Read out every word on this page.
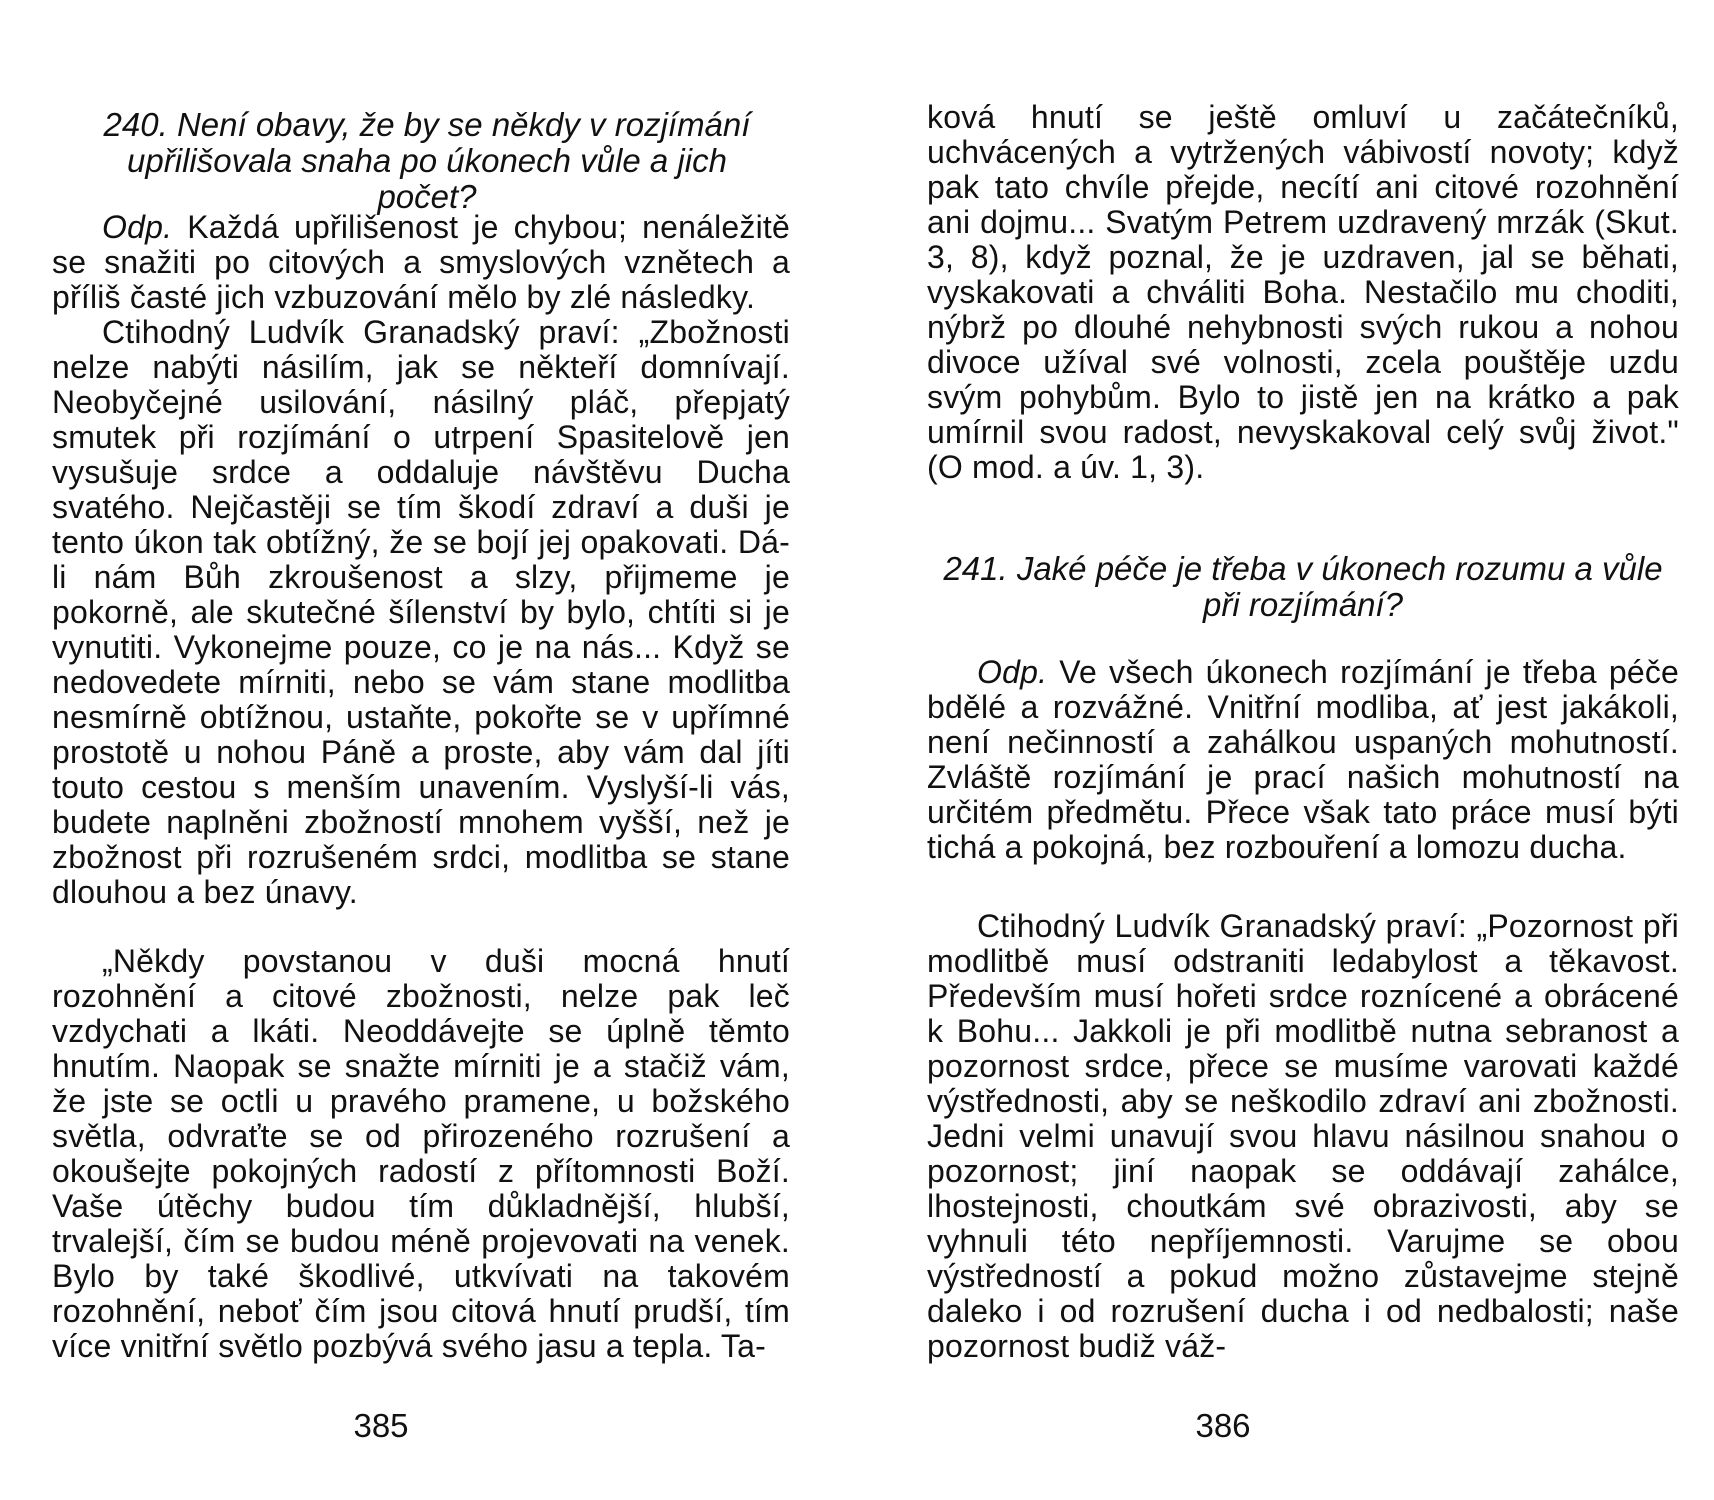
240. Není obavy, že by se někdy v rozjímání upřilišovala snaha po úkonech vůle a jich počet?

Odp. Každá upřilišenost je chybou; nenáležitě se snažiti po citových a smyslových vznětech a příliš časté jich vzbuzování mělo by zlé následky.

Ctihodný Ludvík Granadský praví: „Zbožnosti nelze nabýti násilím, jak se někteří domnívají. Neobyčejné usilování, násilný pláč, přepjatý smutek při rozjímání o utrpení Spasitelově jen vysušuje srdce a oddaluje návštěvu Ducha svatého. Nejčastěji se tím škodí zdraví a duši je tento úkon tak obtížný, že se bojí jej opakovati. Dá-li nám Bůh zkroušenost a slzy, přijmeme je pokorně, ale skutečné šílenství by bylo, chtíti si je vynutiti. Vykonejme pouze, co je na nás... Když se nedovedete mírniti, nebo se vám stane modlitba nesmírně obtížnou, ustaňte, pokořte se v upřímné prostotě u nohou Páně a proste, aby vám dal jíti touto cestou s menším unavením. Vyslyší-li vás, budete naplněni zbožností mnohem vyšší, než je zbožnost při rozrušeném srdci, modlitba se stane dlouhou a bez únavy.

„Někdy povstanou v duši mocná hnutí rozohnění a citové zbožnosti, nelze pak leč vzdychati a lkáti. Neoddávejte se úplně těmto hnutím. Naopak se snažte mírniti je a stačiž vám, že jste se octli u pravého pramene, u božského světla, odvraťte se od přirozeného rozrušení a okoušejte pokojných radostí z přítomnosti Boží. Vaše útěchy budou tím důkladnější, hlubší, trvalejší, čím se budou méně projevovati na venek. Bylo by také škodlivé, utkvívati na takovém rozohnění, neboť čím jsou citová hnutí prudší, tím více vnitřní světlo pozbývá svého jasu a tepla. Ta-

385

ková hnutí se ještě omluví u začátečníků, uchvácených a vytržených vábivostí novoty; když pak tato chvíle přejde, necítí ani citové rozohnění ani dojmu... Svatým Petrem uzdravený mrzák (Skut. 3, 8), když poznal, že je uzdraven, jal se běhati, vyskakovati a chváliti Boha. Nestačilo mu choditi, nýbrž po dlouhé nehybnosti svých rukou a nohou divoce užíval své volnosti, zcela pouštěje uzdu svým pohybům. Bylo to jistě jen na krátko a pak umírnil svou radost, nevyskakoval celý svůj život." (O mod. a úv. 1, 3).

241. Jaké péče je třeba v úkonech rozumu a vůle při rozjímání?

Odp. Ve všech úkonech rozjímání je třeba péče bdělé a rozvážné. Vnitřní modliba, ať jest jakákoli, není nečinností a zahálkou uspaných mohutností. Zvláště rozjímání je prací našich mohutností na určitém předmětu. Přece však tato práce musí býti tichá a pokojná, bez rozbouření a lomozu ducha.

Ctihodný Ludvík Granadský praví: „Pozornost při modlitbě musí odstraniti ledabylost a těkavost. Především musí hořeti srdce roznícené a obrácené k Bohu... Jakkoli je při modlitbě nutna sebranost a pozornost srdce, přece se musíme varovati každé výstřednosti, aby se neškodilo zdraví ani zbožnosti. Jedni velmi unavují svou hlavu násilnou snahou o pozornost; jiní naopak se oddávají zahálce, lhostejnosti, choutkám své obrazivosti, aby se vyhnuli této nepříjemnosti. Varujme se obou výstředností a pokud možno zůstavejme stejně daleko i od rozrušení ducha i od nedbalosti; naše pozornost budiž váž-

386
